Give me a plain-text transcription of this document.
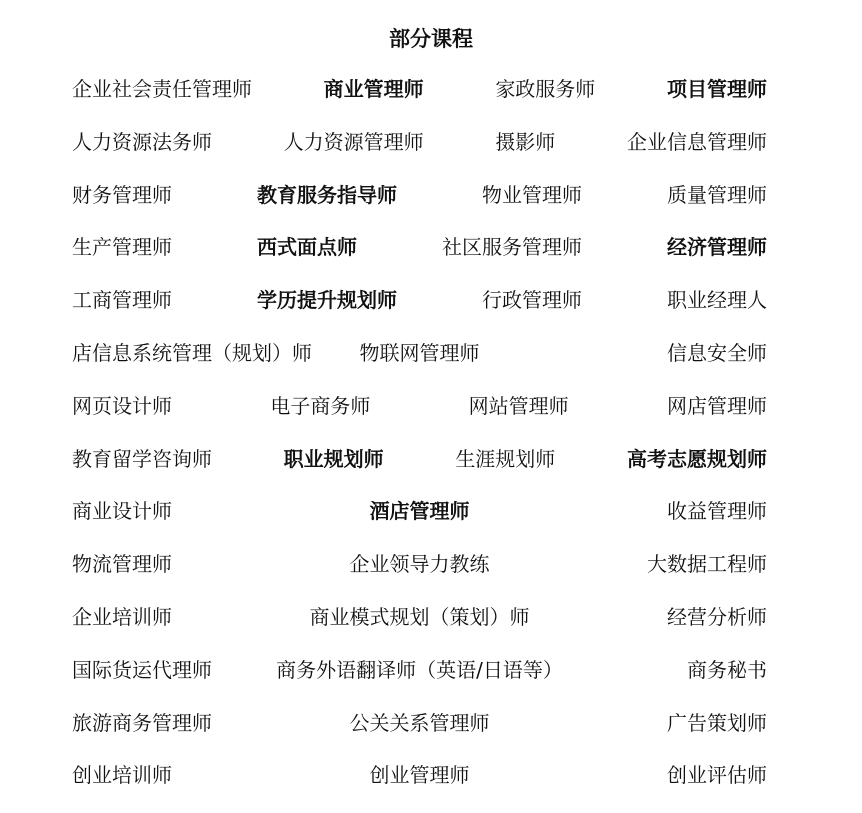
部分课程
企业社会责任管理师	商业管理师	家政服务师	项目管理师
人力资源法务师	人力资源管理师	摄影师	企业信息管理师
财务管理师	教育服务指导师	物业管理师	质量管理师
生产管理师	西式面点师	社区服务管理师	经济管理师
工商管理师	学历提升规划师	行政管理师	职业经理人
店信息系统管理（规划）师 物联网管理师	信息安全师
网页设计师	电子商务师	网站管理师	网店管理师
教育留学咨询师	职业规划师	生涯规划师	高考志愿规划师
商业设计师	酒店管理师	收益管理师
物流管理师	企业领导力教练	大数据工程师
企业培训师	商业模式规划（策划）师	经营分析师
国际货运代理师	商务外语翻译师（英语/日语等）	商务秘书
旅游商务管理师	公关关系管理师	广告策划师
创业培训师	创业管理师	创业评估师
